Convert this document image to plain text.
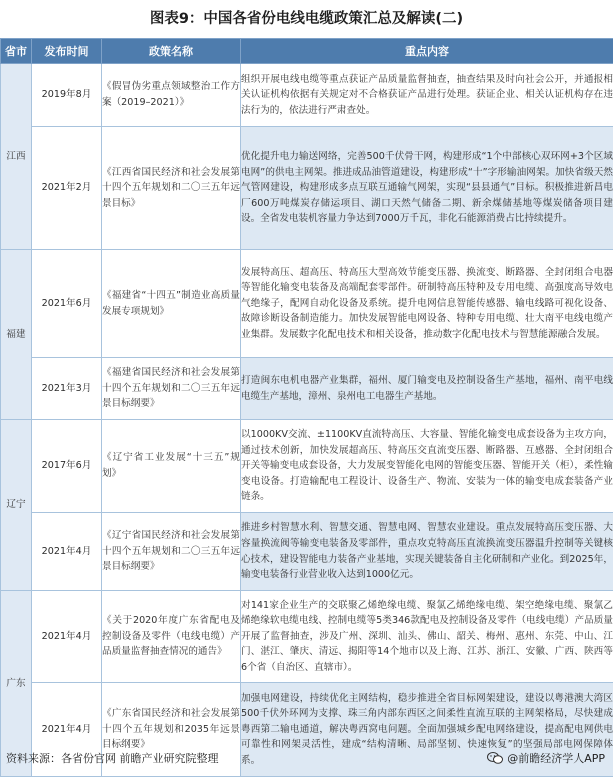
图表9：中国各省份电线电缆政策汇总及解读(二)
省市	发布时间	政策名称	重点内容
江西	2019年8月	《假冒伪劣重点领域整治工作方案（2019–2021）》	组织开展电线电缆等重点获证产品质量监督抽查，抽查结果及时向社会公开，并通报相关认证机构依据有关规定对不合格获证产品进行处理。获证企业、相关认证机构存在违法行为的，依法进行严肃查处。
	2021年2月	《江西省国民经济和社会发展第十四个五年规划和二〇三五年远景目标》	优化提升电力输送网络，完善500千伏骨干网，构建形成“1个中部核心双环网+3个区域电网”的供电主网架。推进成品油管道建设，构建形成“十”字形输油网架。加快省级天然气管网建设，构建形成多点互联互通输气网架，实现“县县通气”目标。积极推进新昌电厂600万吨煤炭存储运项目、湖口天然气储备二期、新余煤储基地等煤炭储备项目建设。全省发电装机容量力争达到7000万千瓦，非化石能源消费占比持续提升。
福建	2021年6月	《福建省“十四五”制造业高质量发展专项规划》	发展特高压、超高压、特高压大型高效节能变压器、换流变、断路器、全封闭组合电器等智能化输变电装备及高端配套零部件。研制特高压特种及专用电缆、高强度高导效电气绝缘子，配网自动化设备及系统。提升电网信息智能传感器、输电线路可视化设备、故障诊断设备制造能力。加快发展智能电网设备、特种专用电缆、壮大南平电线电缆产业集群。发展数字化配电技术和相关设备，推动数字化配电技术与智慧能源融合发展。
	2021年3月	《福建省国民经济和社会发展第十四个五年规划和二〇三五年远景目标纲要》	打造闽东电机电器产业集群，福州、厦门输变电及控制设备生产基地，福州、南平电线电缆生产基地，漳州、泉州电工电器生产基地。
辽宁	2017年6月	《辽宁省工业发展“十三五”规划》	以1000KV交流、±1100KV直流特高压、大容量、智能化输变电成套设备为主攻方向，通过技术创新，加快发展超高压、特高压交直流变压器、断路器、互感器、全封闭组合开关等输变电成套设备，大力发展变智能化电网的智能变压器、智能开关（柜），柔性输变电设备。打造输配电工程设计、设备生产、物流、安装为一体的输变电成套装备产业链条。
	2021年4月	《辽宁省国民经济和社会发展第十四个五年规划和二〇三五年远景目标纲要》	推进乡村智慧水利、智慧交通、智慧电网、智慧农业建设。重点发展特高压变压器、大容量换流阀等输变电装备及零部件，重点攻克特高压直流换流变压器温升控制等关键核心技术，建设智能电力装备产业基地，实现关键装备自主化研制和产业化。到2025年，输变电装备行业营业收入达到1000亿元。
广东	2021年4月	《关于2020年度广东省配电及控制设备及零件（电线电缆）产品质量监督抽查情况的通告》	对141家企业生产的交联聚乙烯绝缘电缆、聚氯乙烯绝缘电缆、架空绝缘电缆、聚氯乙烯绝缘软电缆电线、控制电缆等5类346款配电及控制设备及零件（电线电缆）产品质量开展了监督抽查，涉及广州、深圳、汕头、佛山、韶关、梅州、惠州、东莞、中山、江门、湛江、肇庆、清远、揭阳等14个地市以及上海、江苏、浙江、安徽、广西、陕西等6个省（自治区、直辖市）。
	2021年4月	《广东省国民经济和社会发展第十四个五年规划和2035年远景目标纲要》	加强电网建设，持续优化主网结构，稳步推进全省目标网架建设，建设以粤港澳大湾区500千伏外环网为支撑、珠三角内部东西区之间柔性直流互联的主网架格局，尽快建成粤西第二输电通道，解决粤西窝电问题。全面加强城乡配电网络建设，提高配电网供电可靠性和网架灵活性，建成“结构清晰、局部坚韧、快速恢复”的坚强局部电网保障体系。
资料来源：各省份官网 前瞻产业研究院整理	@前瞻经济学人APP
